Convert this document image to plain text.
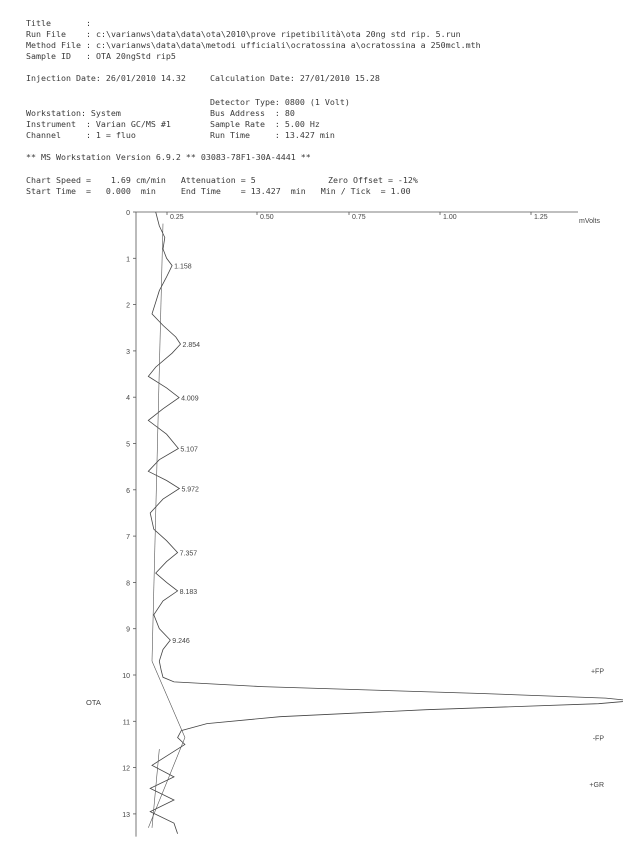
Title       :
Run File    : c:\varianws\data\data\ota\2010\prove ripetibilità\ota 20ng std rip. 5.run
Method File : c:\varianws\data\data\metodi ufficiali\ocratossina a\ocratossina a 250mcl.mth
Sample ID   : OTA 20ngStd rip5
Injection Date: 26/01/2010 14.32	Calculation Date: 27/01/2010 15.28
Detector Type: 0800 (1 Volt)
Bus Address  : 80
Sample Rate  : 5.00 Hz
Run Time     : 13.427 min
Workstation: System
Instrument  : Varian GC/MS #1
Channel     : 1 = fluo
** MS Workstation Version 6.9.2 ** 03083-78F1-30A-4441 **
Chart Speed =    1.69 cm/min   Attenuation = 5	Zero Offset = -12%
Start Time  =   0.000  min     End Time    = 13.427  min   Min / Tick  = 1.00
0
1
2
3
4
5
6
7
8
9
10
11
12
13
0.25	0.50	0.75	1.00	1.25
1.158
2.854
4.009
5.107
5.972
7.357
8.183
9.246
+FP
-FP
+GR
mVolts
OTA
